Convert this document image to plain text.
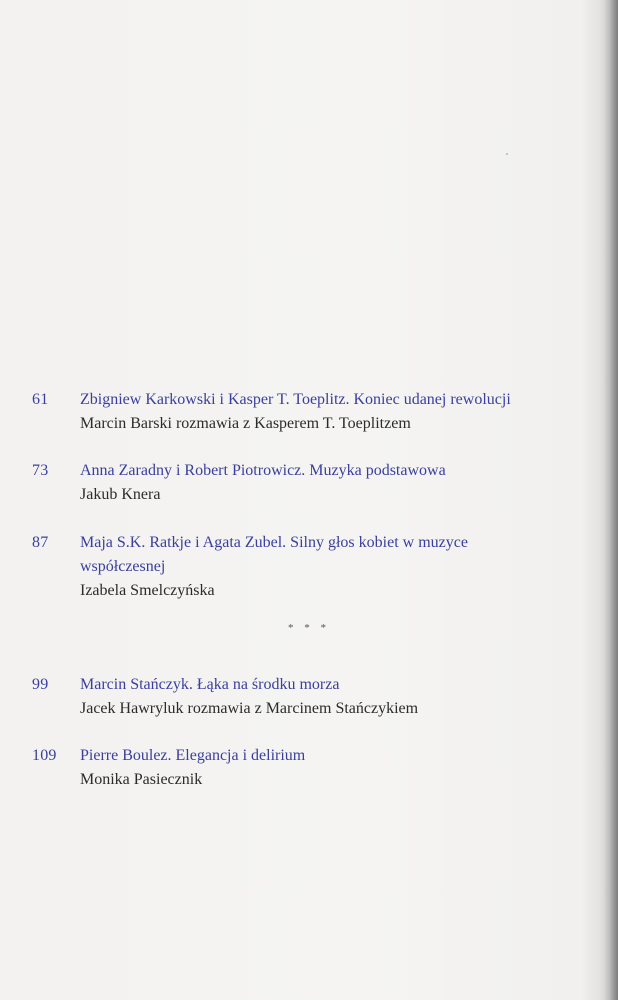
61 Zbigniew Karkowski i Kasper T. Toeplitz. Koniec udanej rewolucji
Marcin Barski rozmawia z Kasperem T. Toeplitzem
73 Anna Zaradny i Robert Piotrowicz. Muzyka podstawowa
Jakub Knera
87 Maja S.K. Ratkje i Agata Zubel. Silny głos kobiet w muzyce
współczesnej
Izabela Smelczyńska
* * *
99 Marcin Stańczyk. Łąka na środku morza
Jacek Hawryluk rozmawia z Marcinem Stańczykiem
109 Pierre Boulez. Elegancja i delirium
Monika Pasiecznik
